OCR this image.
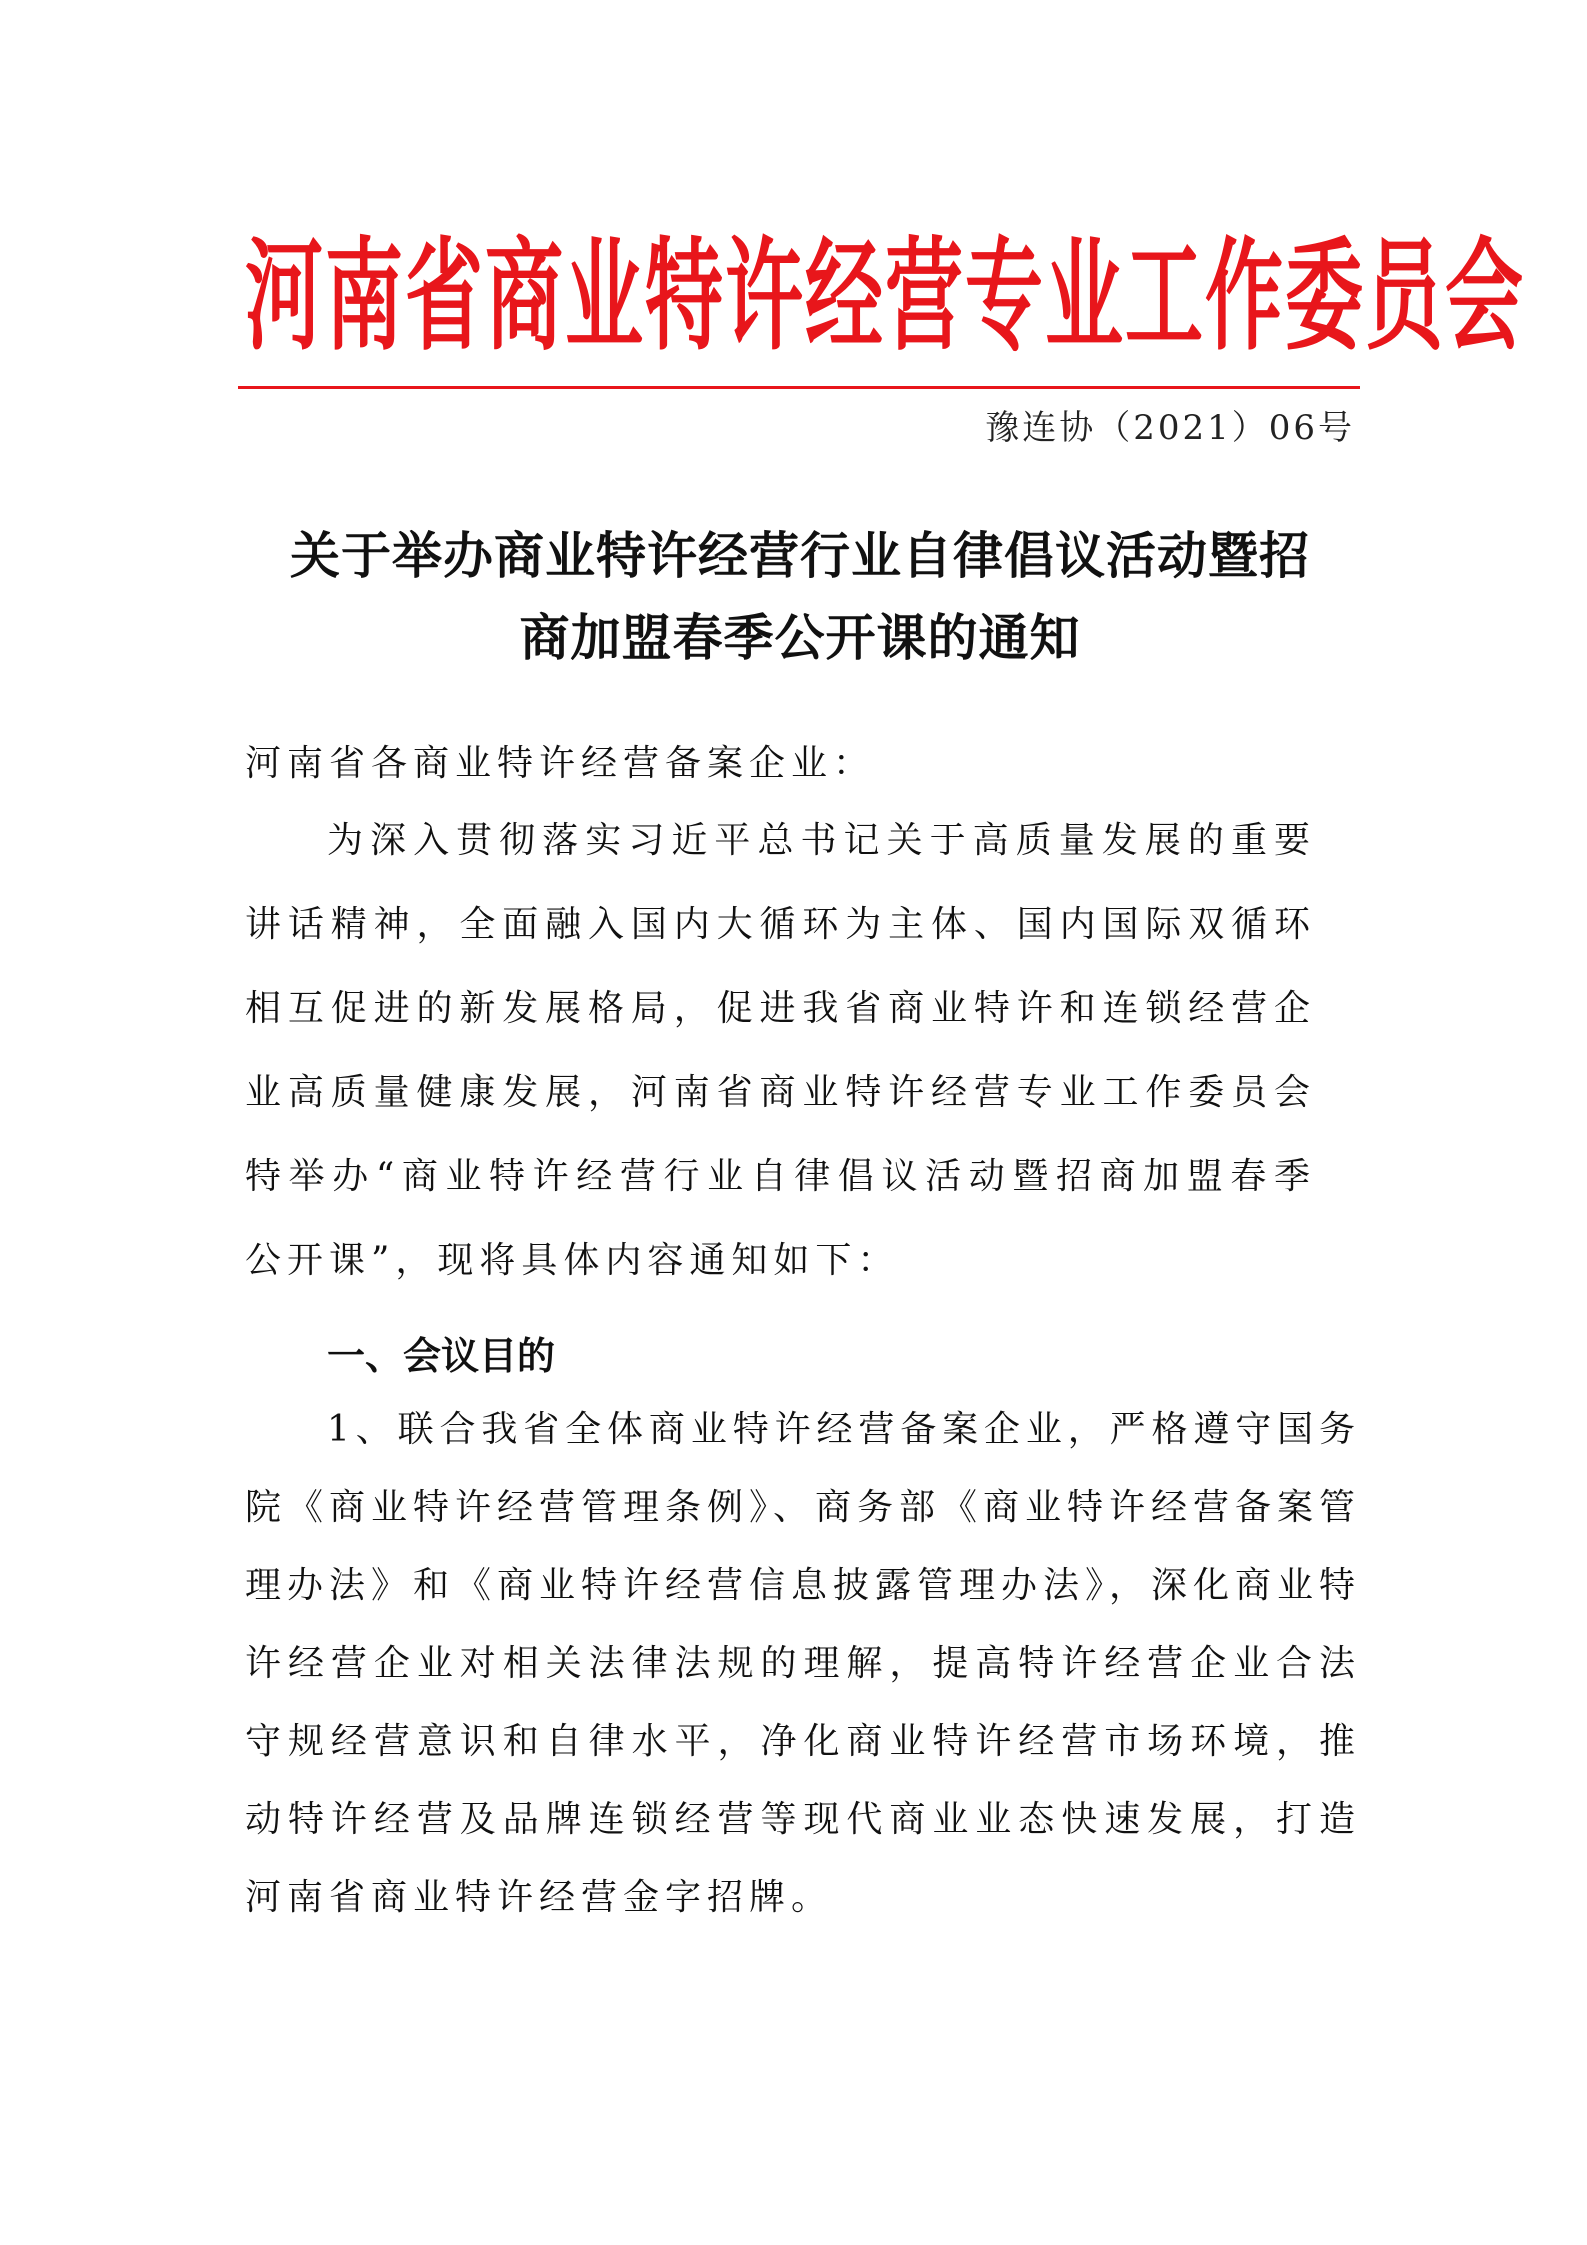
河南省商业特许经营专业工作委员会
豫连协（2021）06号
关于举办商业特许经营行业自律倡议活动暨招
商加盟春季公开课的通知
河南省各商业特许经营备案企业：
为深入贯彻落实习近平总书记关于高质量发展的重要
讲话精神，全面融入国内大循环为主体、国内国际双循环
相互促进的新发展格局，促进我省商业特许和连锁经营企
业高质量健康发展，河南省商业特许经营专业工作委员会
特举办“商业特许经营行业自律倡议活动暨招商加盟春季
公开课”，现将具体内容通知如下：
一、会议目的
1、联合我省全体商业特许经营备案企业，严格遵守国务
院《商业特许经营管理条例》、商务部《商业特许经营备案管
理办法》和《商业特许经营信息披露管理办法》，深化商业特
许经营企业对相关法律法规的理解，提高特许经营企业合法
守规经营意识和自律水平，净化商业特许经营市场环境，推
动特许经营及品牌连锁经营等现代商业业态快速发展，打造
河南省商业特许经营金字招牌。
